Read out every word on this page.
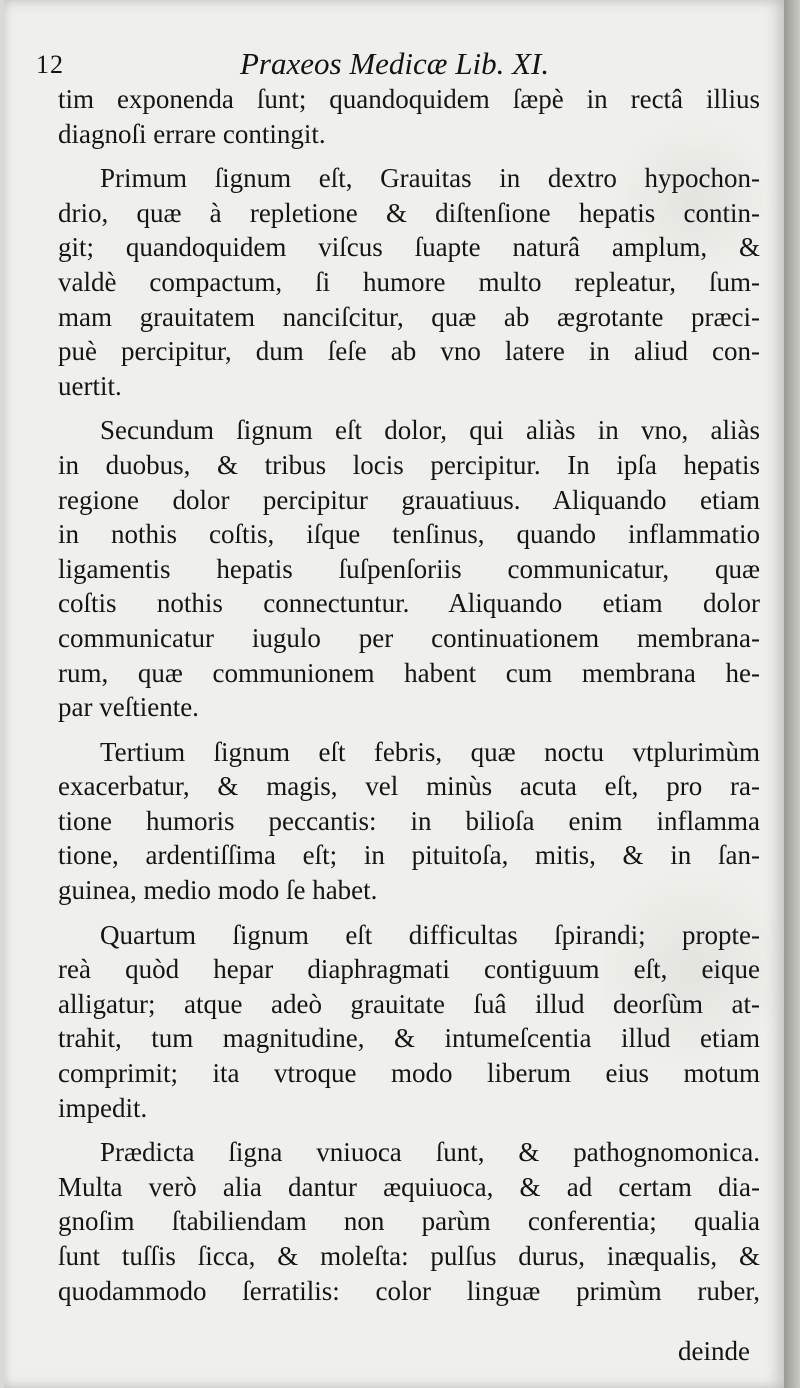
12	Praxeos Medicæ Lib. XI.
tim exponenda ſunt; quandoquidem ſæpè in rectâ illius
diagnoſi errare contingit.
Primum ſignum eſt, Grauitas in dextro hypochon-
drio, quæ à repletione & diſtenſione hepatis contin-
git; quandoquidem viſcus ſuapte naturâ amplum, &
valdè compactum, ſi humore multo repleatur, ſum-
mam grauitatem nanciſcitur, quæ ab ægrotante præci-
puè percipitur, dum ſeſe ab vno latere in aliud con-
uertit.
Secundum ſignum eſt dolor, qui aliàs in vno, aliàs
in duobus, & tribus locis percipitur. In ipſa hepatis
regione dolor percipitur grauatiuus. Aliquando etiam
in nothis coſtis, iſque tenſinus, quando inflammatio
ligamentis hepatis ſuſpenſoriis communicatur, quæ
coſtis nothis connectuntur. Aliquando etiam dolor
communicatur iugulo per continuationem membrana-
rum, quæ communionem habent cum membrana he-
par veſtiente.
Tertium ſignum eſt febris, quæ noctu vtplurimùm
exacerbatur, & magis, vel minùs acuta eſt, pro ra-
tione humoris peccantis: in bilioſa enim inflamma
tione, ardentiſſima eſt; in pituitoſa, mitis, & in ſan-
guinea, medio modo ſe habet.
Quartum ſignum eſt difficultas ſpirandi; propte-
reà quòd hepar diaphragmati contiguum eſt, eique
alligatur; atque adeò grauitate ſuâ illud deorſùm at-
trahit, tum magnitudine, & intumeſcentia illud etiam
comprimit; ita vtroque modo liberum eius motum
impedit.
Prædicta ſigna vniuoca ſunt, & pathognomonica.
Multa verò alia dantur æquiuoca, & ad certam dia-
gnoſim ſtabiliendam non parùm conferentia; qualia
ſunt tuſſis ſicca, & moleſta: pulſus durus, inæqualis, &
quodammodo ſerratilis: color linguæ primùm ruber,
deinde
